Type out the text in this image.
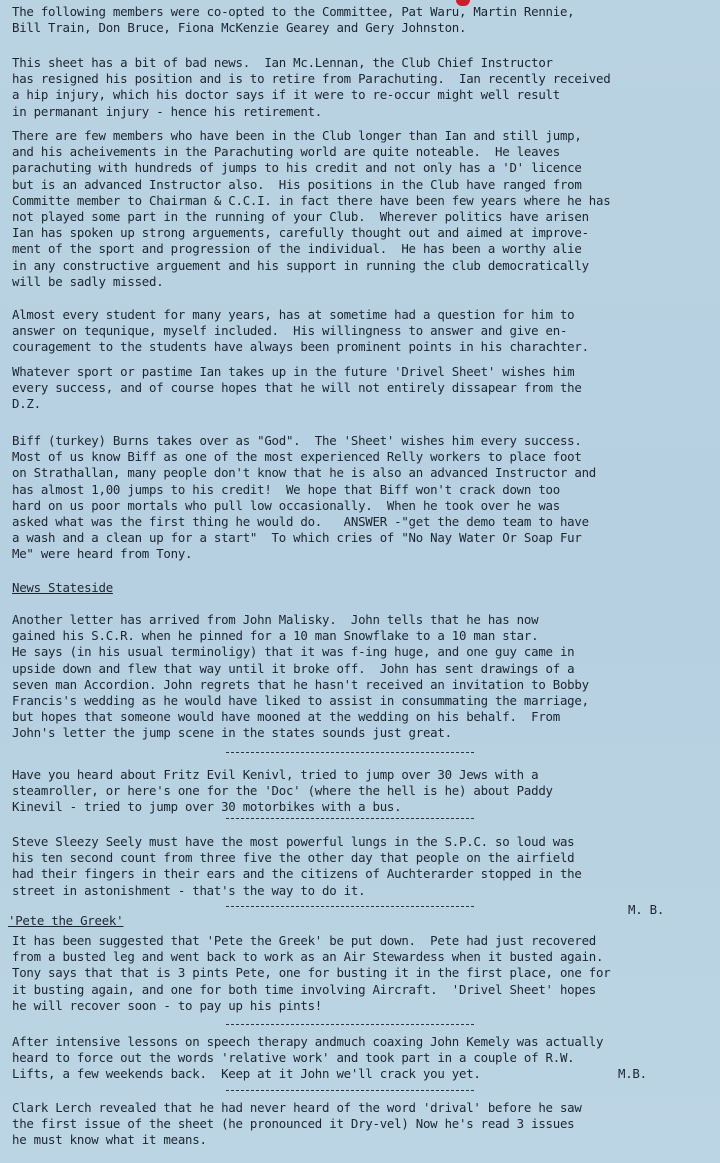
The following members were co-opted to the Committee, Pat Waru, Martin Rennie,
Bill Train, Don Bruce, Fiona McKenzie Gearey and Gery Johnston.
This sheet has a bit of bad news.  Ian Mc.Lennan, the Club Chief Instructor
has resigned his position and is to retire from Parachuting.  Ian recently received
a hip injury, which his doctor says if it were to re-occur might well result
in permanant injury - hence his retirement.
There are few members who have been in the Club longer than Ian and still jump,
and his acheivements in the Parachuting world are quite noteable.  He leaves
parachuting with hundreds of jumps to his credit and not only has a 'D' licence
but is an advanced Instructor also.  His positions in the Club have ranged from
Committe member to Chairman & C.C.I. in fact there have been few years where he has
not played some part in the running of your Club.  Wherever politics have arisen
Ian has spoken up strong arguements, carefully thought out and aimed at improve-
ment of the sport and progression of the individual.  He has been a worthy alie
in any constructive arguement and his support in running the club democratically
will be sadly missed.
Almost every student for many years, has at sometime had a question for him to
answer on tequnique, myself included.  His willingness to answer and give en-
couragement to the students have always been prominent points in his charachter.
Whatever sport or pastime Ian takes up in the future 'Drivel Sheet' wishes him
every success, and of course hopes that he will not entirely dissapear from the
D.Z.
Biff (turkey) Burns takes over as "God".  The 'Sheet' wishes him every success.
Most of us know Biff as one of the most experienced Relly workers to place foot
on Strathallan, many people don't know that he is also an advanced Instructor and
has almost 1,00 jumps to his credit!  We hope that Biff won't crack down too
hard on us poor mortals who pull low occasionally.  When he took over he was
asked what was the first thing he would do.   ANSWER -"get the demo team to have
a wash and a clean up for a start"  To which cries of "No Nay Water Or Soap Fur
Me" were heard from Tony.
News Stateside
Another letter has arrived from John Malisky.  John tells that he has now
gained his S.C.R. when he pinned for a 10 man Snowflake to a 10 man star.
He says (in his usual terminoligy) that it was f-ing huge, and one guy came in
upside down and flew that way until it broke off.  John has sent drawings of a
seven man Accordion. John regrets that he hasn't received an invitation to Bobby
Francis's wedding as he would have liked to assist in consummating the marriage,
but hopes that someone would have mooned at the wedding on his behalf.  From
John's letter the jump scene in the states sounds just great.
Have you heard about Fritz Evil Kenivl, tried to jump over 30 Jews with a
steamroller, or here's one for the 'Doc' (where the hell is he) about Paddy
Kinevil - tried to jump over 30 motorbikes with a bus.
Steve Sleezy Seely must have the most powerful lungs in the S.P.C. so loud was
his ten second count from three five the other day that people on the airfield
had their fingers in their ears and the citizens of Auchterarder stopped in the
street in astonishment - that's the way to do it.
M. B.
'Pete the Greek'
It has been suggested that 'Pete the Greek' be put down.  Pete had just recovered
from a busted leg and went back to work as an Air Stewardess when it busted again.
Tony says that that is 3 pints Pete, one for busting it in the first place, one for
it busting again, and one for both time involving Aircraft.  'Drivel Sheet' hopes
he will recover soon - to pay up his pints!
After intensive lessons on speech therapy andmuch coaxing John Kemely was actually
heard to force out the words 'relative work' and took part in a couple of R.W.
Lifts, a few weekends back.  Keep at it John we'll crack you yet.	M.B.
Clark Lerch revealed that he had never heard of the word 'drival' before he saw
the first issue of the sheet (he pronounced it Dry-vel) Now he's read 3 issues
he must know what it means.
